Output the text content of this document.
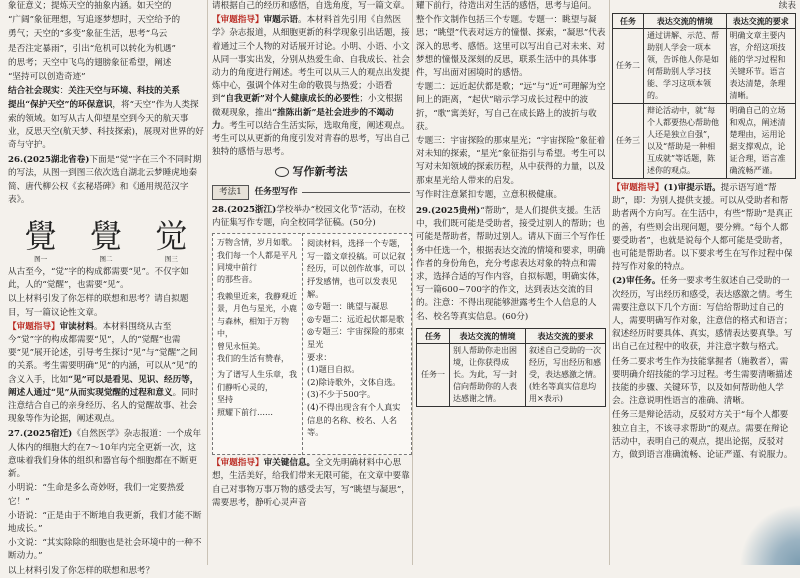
象征意义；提炼天空的抽象内涵。如天空的

“广阔”象征理想，写追逐梦想时，天空给予的

勇气；天空的“多变”象征生活，思考“乌云

是否注定暴雨”，引出“危机可以转化为机遇”

的思考；天空中飞鸟的翅膀象征希望，阐述

“坚持可以创造奇迹”

结合社会现实：关注天空与环境、科技的关系

提出“保护天空”的环保意识，将“天空”作为人类探索的领域。如写从古人仰望星空到今天的航天事业，反思天空(航天梦、科技探索)，展现对世界的好奇与守护。

26.(2025湖北省卷)下面是“觉”字在三个不同时期的写法，从图一到图三依次选自湖北云梦睡虎地秦简、唐代柳公权《玄秘塔碑》和《通用规范汉字表》。

覺 覺 觉
图一	图二	图三

从古至今，“觉”字的构成都需要“见”。不仅字如此，人的“觉醒”，也需要“见”。

以上材料引发了你怎样的联想和思考？请自拟题目，写一篇议论性文章。

【审题指导】审读材料。本材料围绕从古至今“觉”字的构成都需要“见”，人的“觉醒”也需要“见”展开论述，引导考生探讨“见”与“觉醒”之间的关系。考生需要明确“见”的内涵，可以从“见”的含义入手，比如“见”可以是看见、见识、经历等，阐述人通过“见”从而实现觉醒的过程和意义。同时注意结合自己的亲身经历、名人的觉醒故事、社会现象等作为论据，阐述观点。

27.(2025宿迁)《自然医学》杂志报道：一个成年人体内的细胞大约在7～10年内完全更新一次，这意味着我们身体的组织和器官每个细胞都在不断更新。

小明说：“生命是多么奇妙呀，我们一定要热爱它！”

小语说：“正是由于不断地自我更新，我们才能不断地成长。”

小文说：“其实除除的细胞也是社会环境中的一种不断动力。”

以上材料引发了你怎样的联想和思考？

请根据自己的经历和感悟，自选角度，写一篇文章。

【审题指导】审题示语。本材料首先引用《自然医学》杂志报道，从细胞更新的科学现象引出话题，接着通过三个人物的对话展开讨论。小明、小语、小文从同一事实出发，分别从热爱生命、自我成长、社会动力的角度进行阐述。考生可以从三人的观点出发提炼中心，强调个体对生命的敬畏与热爱；小语看到“自我更新”对个人健康成长的必要性；小文根据微观现象，推出“推陈出新”是社会进步的不竭动力。考生可以结合生活实际，选取角度，阐述观点。考生可以从更新的角度引发对青春的思考，写出自己独特的感悟与思考。

写作新考法
考法1	任务型写作

28.(2025浙江)学校举办“校园文化节”活动，在校内征集写作专题，向全校同学征稿。(50分)

万物含情，岁月如歌。我们每一个人都是平凡
同境中前行
的那些音。
我赖里近来，我静观近景，月色与星光，小鹿与森林，相知于万物中，
曾见永恒美。
我们的生活有赞春，
为了谱写人生乐章，我们静听心灵的，
坚持
照耀下前行……
阅读材料，选择一个专题，写一篇文章投稿。可以记叙经历，可以创作故事，可以抒发感情，也可以发表见解。
◎专题一：眺望与凝思
◎专题二：远近起伏都是歌
◎专题三：宇宙探险的那束星光
要求：
(1)题目自拟。
(2)除诗歌外，文体自选。
(3)不少于500字。
(4)不得出现含有个人真实信息的名称、校名、人名等。

【审题指导】审关键信息。全文先明确材料中心思想，生活美好，给我们带来无限可能，在文章中要靠自己对事物万事万物的感受去写，写“眺望与凝思”，需要思考，静听心灵声音

耀下前行，待造出对生活的感悟，思考与追问。

整个作文制作包括三个专题。专题一：眺望与凝思；“眺望”代表对远方的憧憬、探索，“凝思”代表深入的思考、感悟。这里可以写出自己对未来、对梦想的憧憬及深刻的反思，联系生活中的具体事件，写出面对困境时的感悟。

专题二：远近起伏都是歌；“远”与“近”可理解为空间上的距离，“起伏”暗示学习成长过程中的波折，“歌”寓美好，写自己在成长路上的波折与收获。

专题三：宇宙探险的那束星光；“宇宙探险”象征着对未知的探索，“星光”象征指引与希望。考生可以写对未知领域的探索历程，从中获得的力量，以及那束星光给人带来的启发。

写作时注意紧扣专题，立意积极健康。

29.(2025贵州)“帮助”，是人们提供支援。生活中，我们既可能是受助者，接受过别人的帮助；也可能是帮助者，帮助过别人。请从下面三个写作任务中任选一个，根据表达交流的情境和要求，明确作者的身份角色，充分考虑表达对象的特点和需求，选择合适的写作内容，自拟标题，明确实体，写一篇600~700字的作文，达到表达交流的目的。注意：不得出现能够泄露考生个人信息的人名、校名等真实信息。(60分)

任务	表达交流的情境	表达交流的要求
任务一	别人帮助你走出困境，让你获得成长。为此，写一封信向帮助你的人表达感谢之情。	叙述自己受助的一次经历，写出经历和感受，表达感激之情。(姓名等真实信息均用×表示)
续表
任务	表达交流的情境	表达交流的要求
任务二	通过讲解、示范、帮助别人学会一项本领，告诉他人你是如何帮助别人学习技能、学习这项本领的。	明确文章主要内容，介绍这项技能的学习过程和关键环节。语言表达清楚，条理清晰。
任务三	辩论活动中，就“每个人都要热心帮助他人还是独立自强”，以及“帮助是一种相互成就”等话题，陈述你的观点。	明确自己的立场和观点，阐述清楚理由，运用论据支撑观点，论证合理，语言准确流畅严谨。

【审题指导】(1)审提示语。提示语写道“帮助”，即：为别人提供支援。可以从受助者和帮助者两个方向写。在生活中，有些“帮助”是真正的善，有些则会出现问题，要分辨。“每个人都要受助者”，也就是说每个人都可能是受助者，也可能是帮助者。以下要求考生在写作过程中保持写作对象的特点。

(2)审任务。任务一要求考生叙述自己受助的一次经历，写出经历和感受，表达感激之情。考生需要注意以下几个方面：写信给帮助过自己的人，需要明确写作对象，注意信的格式和语言；叙述经历时要具体、真实，感情表达要真挚。写出自己在过程中的收获，并注意字数与格式。

任务二要求考生作为技能掌握者（施教者），需要明确介绍技能的学习过程。考生需要清晰描述技能的步骤、关键环节，以及如何帮助他人学会。注意说明性语言的准确、清晰。

任务三是辩论活动，反驳对方关于“每个人都要独立自主，不该寻求帮助”的观点。需要在辩论活动中，表明自己的观点，提出论据，反驳对方，做到语言准确流畅、论证严谨、有说服力。
